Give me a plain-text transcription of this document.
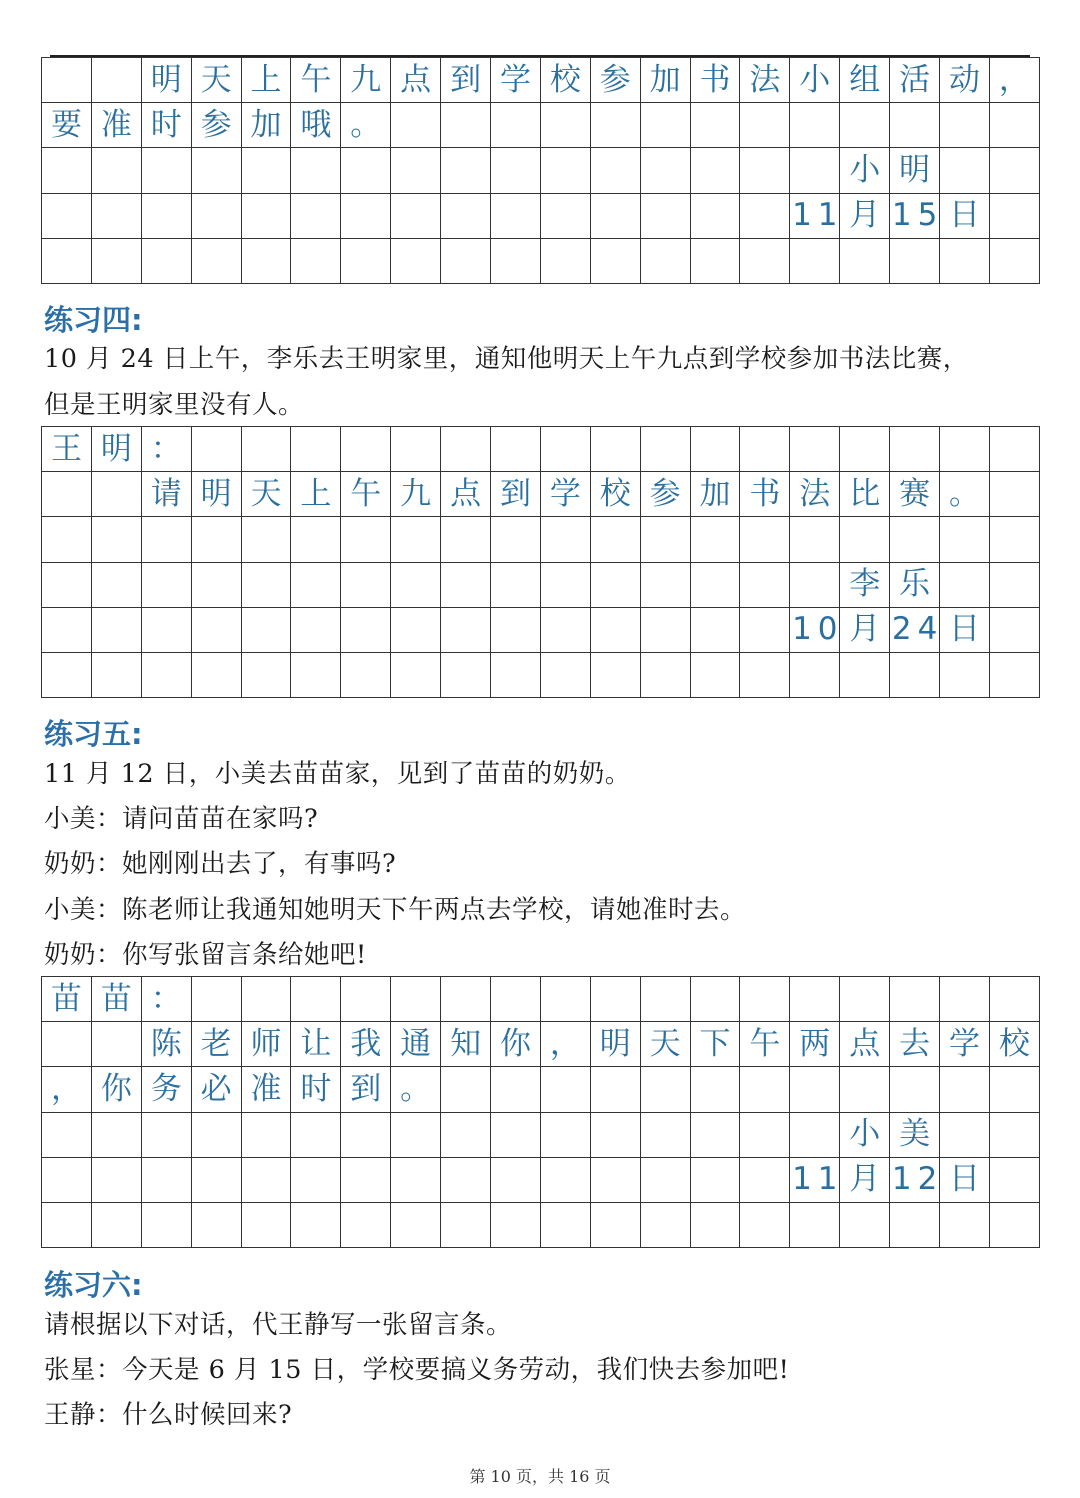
明 天 上 午 九 点 到 学 校 参 加 书 法 小 组 活 动 ，
要 准 时 参 加 哦 。
小 明
11 月 15 日
练习四:
10 月 24 日上午，李乐去王明家里，通知他明天上午九点到学校参加书法比赛，
但是王明家里没有人。
王 明 ：
请 明 天 上 午 九 点 到 学 校 参 加 书 法 比 赛 。
李 乐
10 月 24 日
练习五:
11 月 12 日，小美去苗苗家，见到了苗苗的奶奶。
小美：请问苗苗在家吗?
奶奶：她刚刚出去了，有事吗?
小美：陈老师让我通知她明天下午两点去学校，请她准时去。
奶奶：你写张留言条给她吧!
苗 苗 ：
陈 老 师 让 我 通 知 你 ， 明 天 下 午 两 点 去 学 校
， 你 务 必 准 时 到 。
小 美
11 月 12 日
练习六:
请根据以下对话，代王静写一张留言条。
张星：今天是 6 月 15 日，学校要搞义务劳动，我们快去参加吧!
王静：什么时候回来?
第 10 页，共 16 页
